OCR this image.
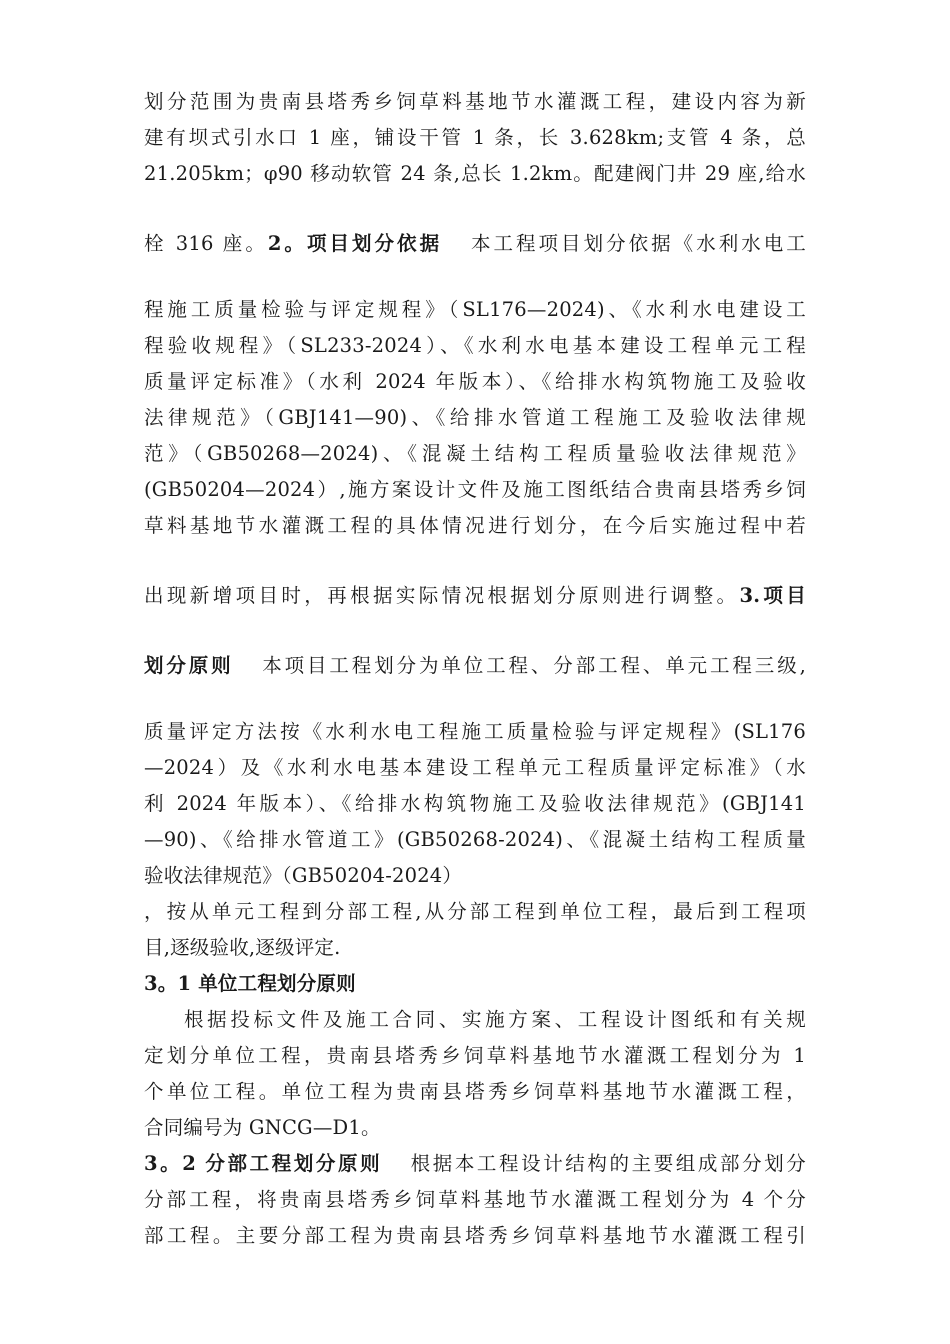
划分范围为贵南县塔秀乡饲草料基地节水灌溉工程，建设内容为新
建有坝式引水口 1 座，铺设干管 1 条，长 3.628km;支管 4 条，总
21.205km；φ90 移动软管 24 条,总长 1.2km。配建阀门井 29 座,给水
栓 316 座。2。项目划分依据 本工程项目划分依据《水利水电工
程施工质量检验与评定规程》（SL176—2024)、《水利水电建设工
程验收规程》（SL233-2024）、《水利水电基本建设工程单元工程
质量评定标准》（水利 2024 年版本）、《给排水构筑物施工及验收
法律规范》（GBJ141—90)、《给排水管道工程施工及验收法律规
范》（GB50268—2024)、《混凝土结构工程质量验收法律规范》
(GB50204—2024）,施方案设计文件及施工图纸结合贵南县塔秀乡饲
草料基地节水灌溉工程的具体情况进行划分，在今后实施过程中若
出现新增项目时，再根据实际情况根据划分原则进行调整。3.项目
划分原则 本项目工程划分为单位工程、分部工程、单元工程三级,
质量评定方法按《水利水电工程施工质量检验与评定规程》(SL176
—2024）及《水利水电基本建设工程单元工程质量评定标准》（水
利 2024 年版本）、《给排水构筑物施工及验收法律规范》(GBJ141
—90)、《给排水管道工》(GB50268-2024)、《混凝土结构工程质量
验收法律规范》（GB50204-2024）
，按从单元工程到分部工程,从分部工程到单位工程，最后到工程项
目,逐级验收,逐级评定.
3。1 单位工程划分原则
根据投标文件及施工合同、实施方案、工程设计图纸和有关规
定划分单位工程，贵南县塔秀乡饲草料基地节水灌溉工程划分为 1
个单位工程。单位工程为贵南县塔秀乡饲草料基地节水灌溉工程，
合同编号为 GNCG—D1。
3。2 分部工程划分原则 根据本工程设计结构的主要组成部分划分
分部工程，将贵南县塔秀乡饲草料基地节水灌溉工程划分为 4 个分
部工程。主要分部工程为贵南县塔秀乡饲草料基地节水灌溉工程引
